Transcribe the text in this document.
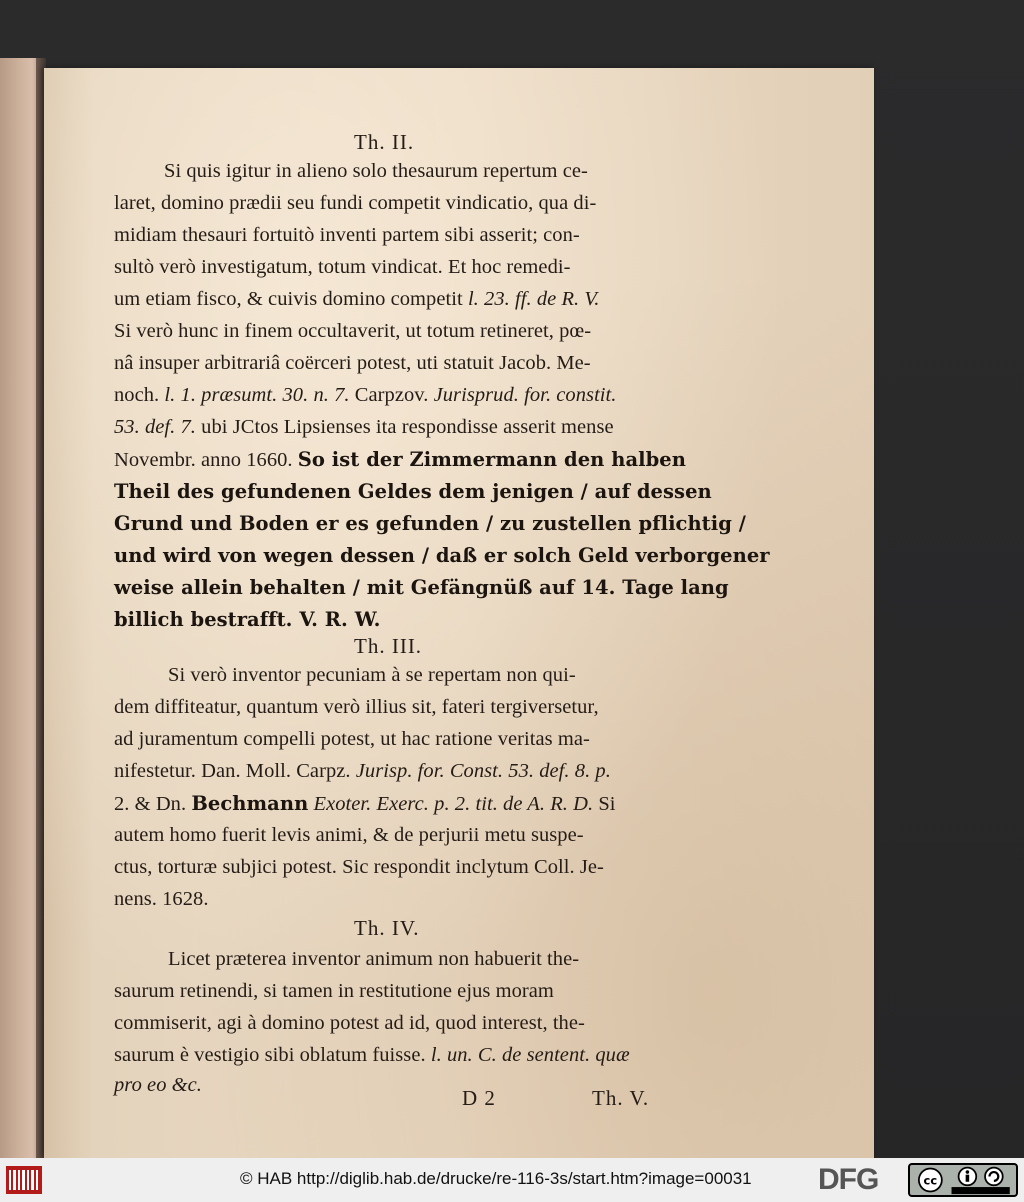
Th. II.
Si quis igitur in alieno solo thesaurum repertum ce-
laret, domino prædii seu fundi competit vindicatio, qua di-
midiam thesauri fortuitò inventi partem sibi asserit; con-
sultò verò investigatum, totum vindicat. Et hoc remedi-
um etiam fisco, & cuivis domino competit l. 23. ff. de R. V.
Si verò hunc in finem occultaverit, ut totum retineret, pœ-
nâ insuper arbitrariâ coërceri potest, uti statuit Jacob. Me-
noch. l. 1. præsumt. 30. n. 7. Carpzov. Jurisprud. for. constit.
53. def. 7. ubi JCtos Lipsienses ita respondisse asserit mense
Novembr. anno 1660. So ist der Zimmermann den halben
Theil des gefundenen Geldes dem jenigen / auf dessen
Grund und Boden er es gefunden / zu zustellen pflichtig /
und wird von wegen dessen / daß er solch Geld verborgener
weise allein behalten / mit Gefängnüß auf 14. Tage lang
billich bestrafft. V. R. W.
Th. III.
Si verò inventor pecuniam à se repertam non qui-
dem diffiteatur, quantum verò illius sit, fateri tergiversetur,
ad juramentum compelli potest, ut hac ratione veritas ma-
nifestetur. Dan. Moll. Carpz. Jurisp. for. Const. 53. def. 8. p.
2. & Dn. Bechmann Exoter. Exerc. p. 2. tit. de A. R. D. Si
autem homo fuerit levis animi, & de perjurii metu suspe-
ctus, torturæ subjici potest. Sic respondit inclytum Coll. Je-
nens. 1628.
Th. IV.
Licet præterea inventor animum non habuerit the-
saurum retinendi, si tamen in restitutione ejus moram
commiserit, agi à domino potest ad id, quod interest, the-
saurum è vestigio sibi oblatum fuisse. l. un. C. de sentent. quæ
pro eo &c.
D 2	Th. V.
© HAB http://diglib.hab.de/drucke/re-116-3s/start.htm?image=00031 DFG	cc
